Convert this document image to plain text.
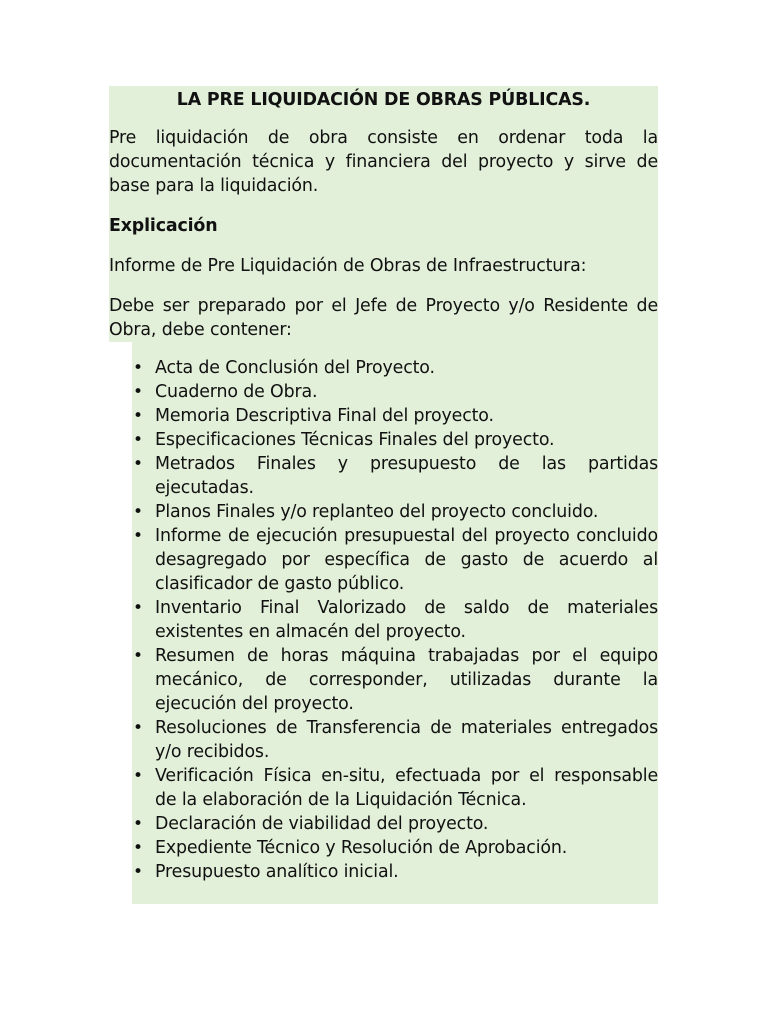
LA PRE LIQUIDACIÓN DE OBRAS PÚBLICAS.

Pre liquidación de obra consiste en ordenar toda la documentación técnica y financiera del proyecto y sirve de base para la liquidación.

Explicación

Informe de Pre Liquidación de Obras de Infraestructura:

Debe ser preparado por el Jefe de Proyecto y/o Residente de Obra, debe contener:

• Acta de Conclusión del Proyecto.
• Cuaderno de Obra.
• Memoria Descriptiva Final del proyecto.
• Especificaciones Técnicas Finales del proyecto.
• Metrados Finales y presupuesto de las partidas ejecutadas.
• Planos Finales y/o replanteo del proyecto concluido.
• Informe de ejecución presupuestal del proyecto concluido desagregado por específica de gasto de acuerdo al clasificador de gasto público.
• Inventario Final Valorizado de saldo de materiales existentes en almacén del proyecto.
• Resumen de horas máquina trabajadas por el equipo mecánico, de corresponder, utilizadas durante la ejecución del proyecto.
• Resoluciones de Transferencia de materiales entregados y/o recibidos.
• Verificación Física en-situ, efectuada por el responsable de la elaboración de la Liquidación Técnica.
• Declaración de viabilidad del proyecto.
• Expediente Técnico y Resolución de Aprobación.
• Presupuesto analítico inicial.
